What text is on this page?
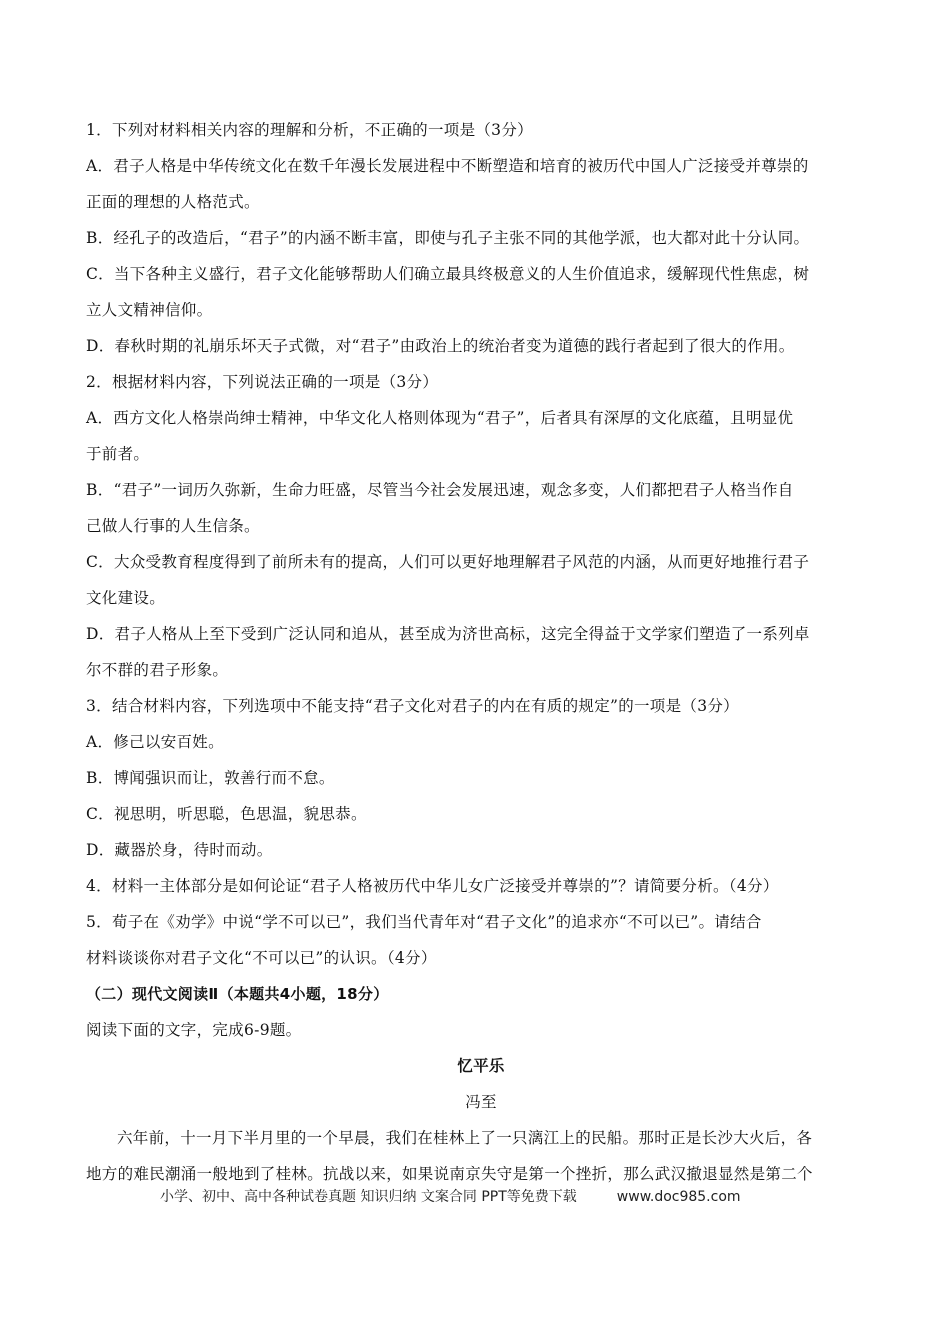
1．下列对材料相关内容的理解和分析，不正确的一项是（3分）
A．君子人格是中华传统文化在数千年漫长发展进程中不断塑造和培育的被历代中国人广泛接受并尊崇的
正面的理想的人格范式。
B．经孔子的改造后，“君子”的内涵不断丰富，即使与孔子主张不同的其他学派，也大都对此十分认同。
C．当下各种主义盛行，君子文化能够帮助人们确立最具终极意义的人生价值追求，缓解现代性焦虑，树
立人文精神信仰。
D．春秋时期的礼崩乐坏天子式微，对“君子”由政治上的统治者变为道德的践行者起到了很大的作用。
2．根据材料内容，下列说法正确的一项是（3分）
A．西方文化人格崇尚绅士精神，中华文化人格则体现为“君子”，后者具有深厚的文化底蕴，且明显优
于前者。
B．“君子”一词历久弥新，生命力旺盛，尽管当今社会发展迅速，观念多变，人们都把君子人格当作自
己做人行事的人生信条。
C．大众受教育程度得到了前所未有的提高，人们可以更好地理解君子风范的内涵，从而更好地推行君子
文化建设。
D．君子人格从上至下受到广泛认同和追从，甚至成为济世高标，这完全得益于文学家们塑造了一系列卓
尔不群的君子形象。
3．结合材料内容，下列选项中不能支持“君子文化对君子的内在有质的规定”的一项是（3分）
A．修己以安百姓。
B．博闻强识而让，敦善行而不怠。
C．视思明，听思聪，色思温，貌思恭。
D．藏器於身，待时而动。
4．材料一主体部分是如何论证“君子人格被历代中华儿女广泛接受并尊崇的”？请简要分析。（4分）
5．荀子在《劝学》中说“学不可以已”，我们当代青年对“君子文化”的追求亦“不可以已”。请结合
材料谈谈你对君子文化“不可以已”的认识。（4分）
（二）现代文阅读Ⅱ（本题共4小题，18分）
阅读下面的文字，完成6-9题。
忆平乐
冯至
六年前，十一月下半月里的一个早晨，我们在桂林上了一只漓江上的民船。那时正是长沙大火后，各
地方的难民潮涌一般地到了桂林。抗战以来，如果说南京失守是第一个挫折，那么武汉撤退显然是第二个
小学、初中、高中各种试卷真题 知识归纳 文案合同 PPT等免费下载	www.doc985.com
